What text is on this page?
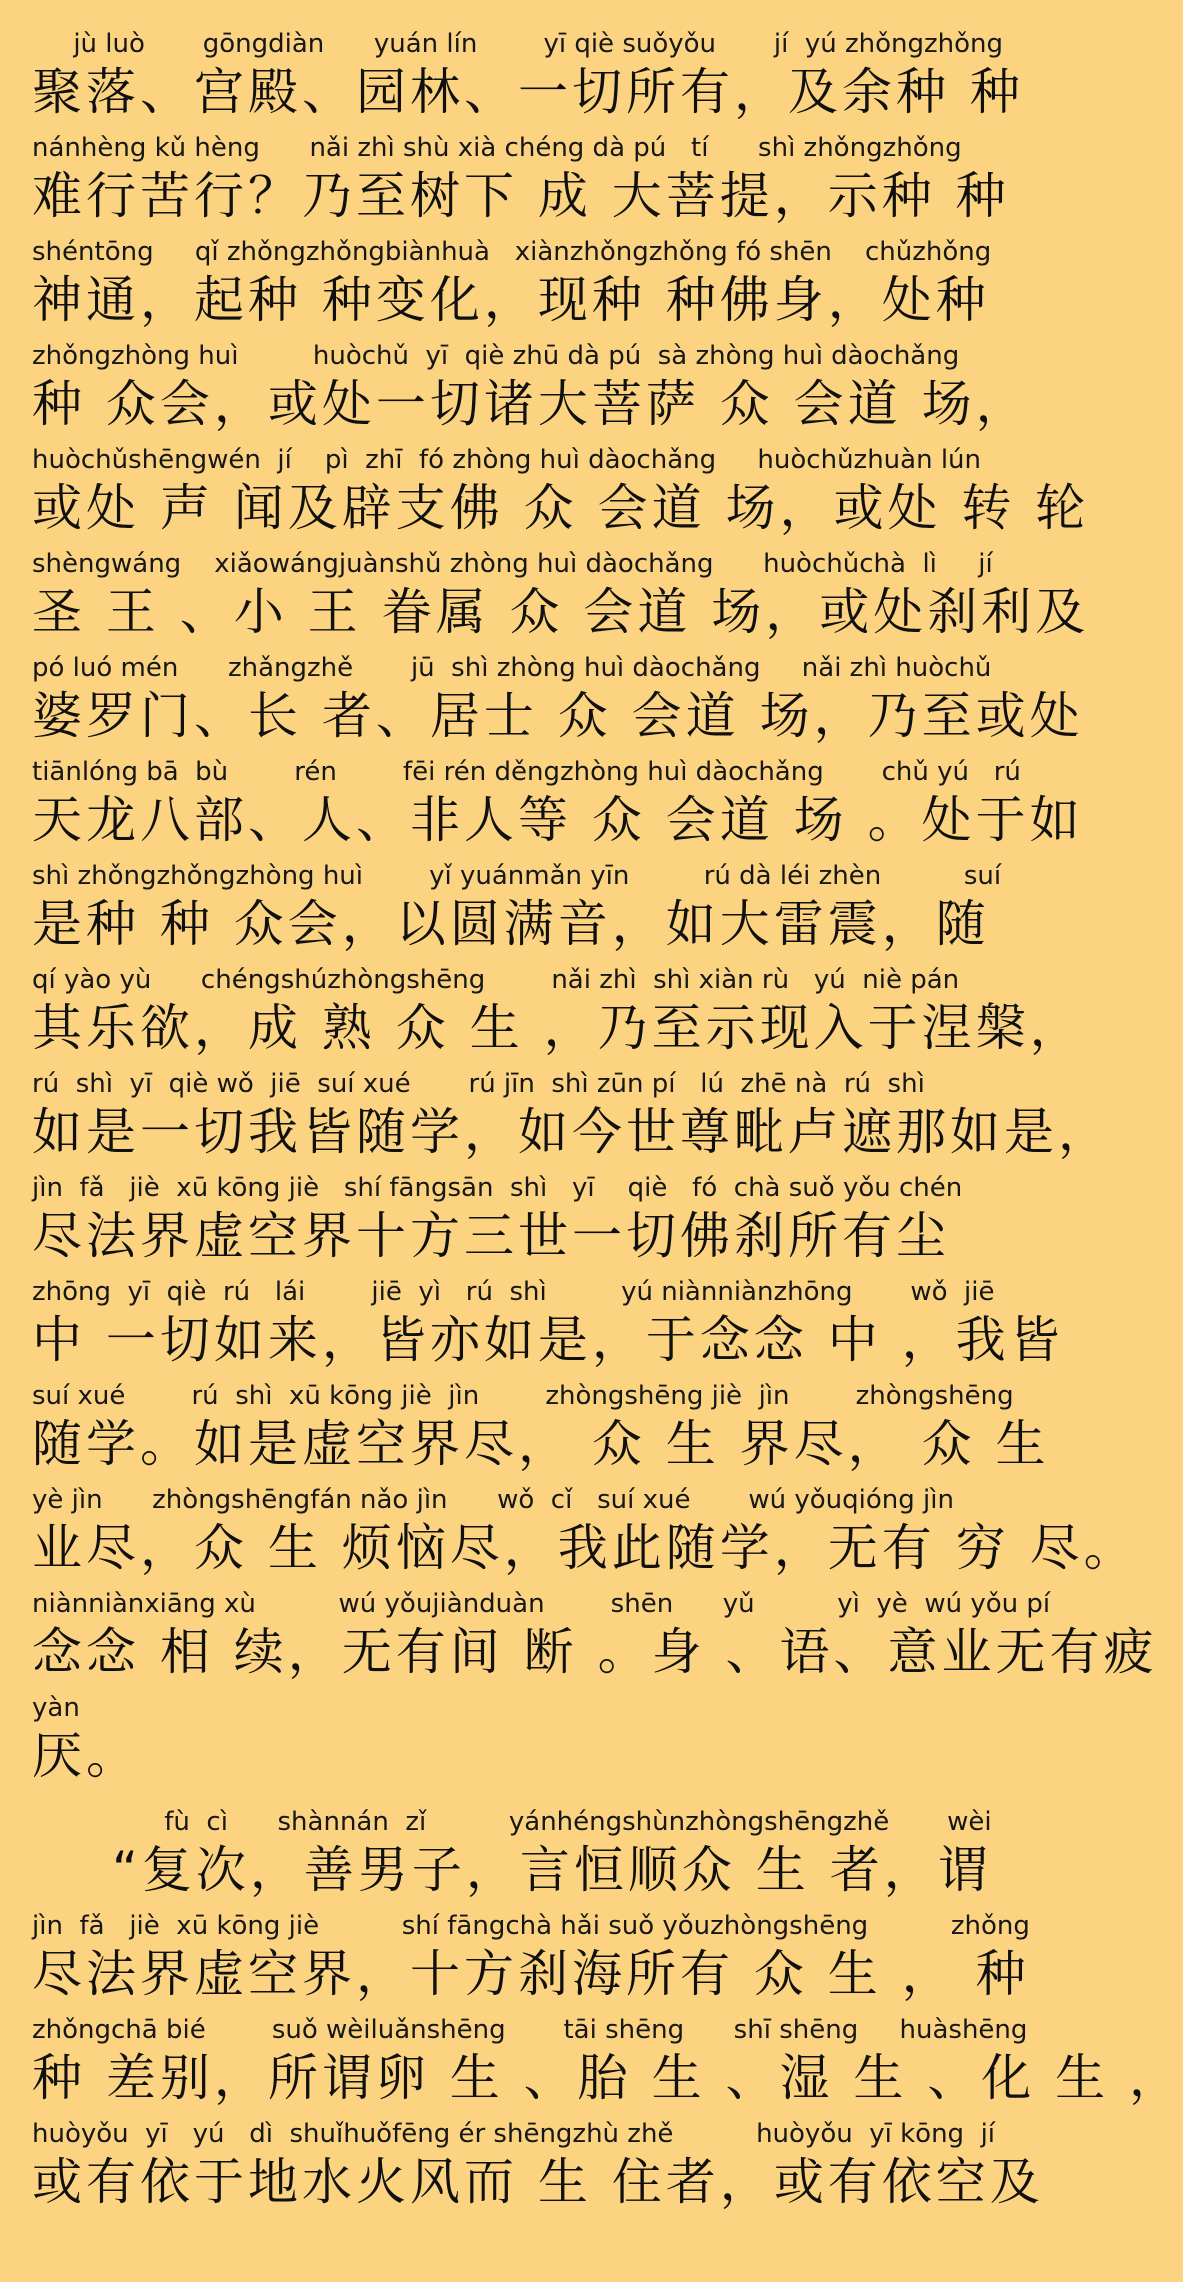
jù luò       gōngdiàn      yuán lín        yī qiè suǒyǒu       jí  yú zhǒngzhǒng
聚落、宫殿、园林、一切所有，及余种 种
nánhèng kǔ hèng      nǎi zhì shù xià chéng dà pú   tí      shì zhǒngzhǒng
难行苦行？乃至树下 成 大菩提，示种 种
shéntōng     qǐ zhǒngzhǒngbiànhuà   xiànzhǒngzhǒng fó shēn    chǔzhǒng
神通，起种 种变化，现种 种佛身，处种
zhǒngzhòng huì         huòchǔ  yī  qiè zhū dà pú  sà zhòng huì dàochǎng
种 众会，或处一切诸大菩萨 众 会道 场，
huòchǔshēngwén  jí    pì  zhī  fó zhòng huì dàochǎng     huòchǔzhuàn lún
或处 声 闻及辟支佛 众 会道 场，或处 转 轮
shèngwáng    xiǎowángjuànshǔ zhòng huì dàochǎng      huòchǔchà  lì     jí
圣 王 、小 王 眷属 众 会道 场，或处刹利及
pó luó mén      zhǎngzhě       jū  shì zhòng huì dàochǎng     nǎi zhì huòchǔ
婆罗门、长 者、居士 众 会道 场，乃至或处
tiānlóng bā  bù        rén        fēi rén děngzhòng huì dàochǎng       chǔ yú   rú
天龙八部、人、非人等 众 会道 场 。处于如
shì zhǒngzhǒngzhòng huì        yǐ yuánmǎn yīn         rú dà léi zhèn          suí
是种 种 众会，以圆满音，如大雷震，随
qí yào yù      chéngshúzhòngshēng        nǎi zhì  shì xiàn rù   yú  niè pán
其乐欲，成 熟 众 生 ，乃至示现入于涅槃，
rú  shì  yī  qiè wǒ  jiē  suí xué       rú jīn  shì zūn pí   lú  zhē nà  rú  shì
如是一切我皆随学，如今世尊毗卢遮那如是，
jìn  fǎ   jiè  xū kōng jiè   shí fāngsān  shì   yī    qiè   fó  chà suǒ yǒu chén
尽法界虚空界十方三世一切佛刹所有尘
zhōng  yī  qiè  rú   lái        jiē  yì   rú  shì         yú niànniànzhōng       wǒ  jiē
中 一切如来，皆亦如是，于念念 中 ，我皆
suí xué        rú  shì  xū kōng jiè  jìn        zhòngshēng jiè  jìn        zhòngshēng
随学。如是虚空界尽， 众 生 界尽， 众 生
yè jìn      zhòngshēngfán nǎo jìn      wǒ  cǐ   suí xué       wú yǒuqióng jìn
业尽，众 生 烦恼尽，我此随学，无有 穷 尽。
niànniànxiāng xù          wú yǒujiànduàn        shēn      yǔ          yì  yè  wú yǒu pí
念念 相 续，无有间 断 。身 、语、意业无有疲
yàn
厌。
fù  cì      shànnán  zǐ          yánhéngshùnzhòngshēngzhě       wèi
“复次，善男子，言恒顺众 生 者，谓
jìn  fǎ   jiè  xū kōng jiè          shí fāngchà hǎi suǒ yǒuzhòngshēng          zhǒng
尽法界虚空界，十方刹海所有 众 生 ， 种
zhǒngchā bié        suǒ wèiluǎnshēng       tāi shēng      shī shēng     huàshēng
种 差别，所谓卵 生 、胎 生 、湿 生 、化 生 ，
huòyǒu  yī   yú   dì  shuǐhuǒfēng ér shēngzhù zhě          huòyǒu  yī kōng  jí
或有依于地水火风而 生 住者，或有依空及
